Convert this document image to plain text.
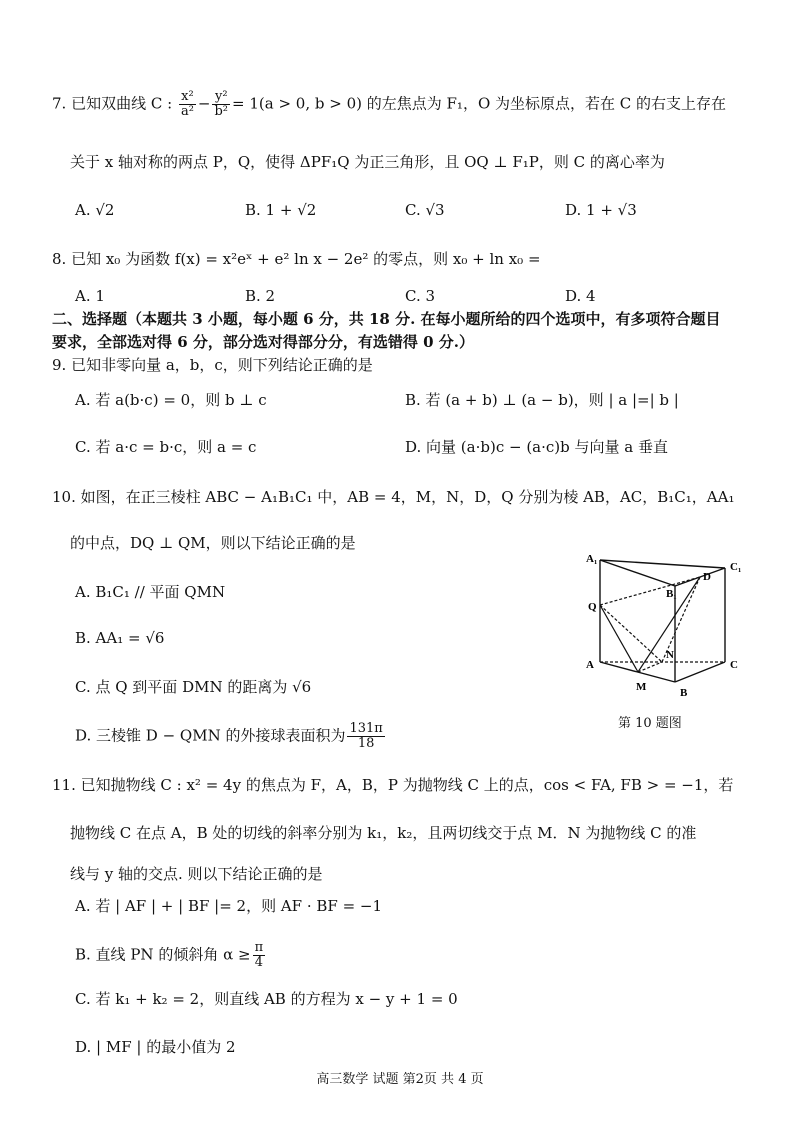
7. 已知双曲线 C : $\frac{\text{x²}}{\text{a²}} - \frac{\text{y²}}{\text{b²}} = 1(a > 0$, b > 0) 的左焦点为 F₁，O 为坐标原点，若在 C 的右支上存在
关于 x 轴对称的两点 P，Q，使得 ΔPF₁Q 为正三角形，且 OQ ⊥ F₁P，则 C 的离心率为
A. √2	B. 1 + √2	C. √3	D. 1 + √3
8. 已知 x₀ 为函数 f(x) = x²eˣ + e² ln x − 2e² 的零点，则 x₀ + ln x₀ =
A. 1	B. 2	C. 3	D. 4
二、选择题（本题共 3 小题，每小题 6 分，共 18 分. 在每小题所给的四个选项中，有多项符合题目
要求，全部选对得 6 分，部分选对得部分分，有选错得 0 分.）
9. 已知非零向量 a，b，c，则下列结论正确的是
A. 若 a(b·c) = 0，则 b ⊥ c	B. 若 (a + b) ⊥ (a − b)，则 | a |=| b |
C. 若 a·c = b·c，则 a = c	D. 向量 (a·b)c − (a·c)b 与向量 a 垂直
10. 如图，在正三棱柱 ABC − A₁B₁C₁ 中，AB = 4，M，N，D，Q 分别为棱 AB，AC，B₁C₁，AA₁
的中点，DQ ⊥ QM，则以下结论正确的是
A. B₁C₁ // 平面 QMN
B. AA₁ = √6
C. 点 Q 到平面 DMN 的距离为 √6
D. 三棱锥 D − QMN 的外接球表面积为 $\frac{131\pi}{18}$
A₁
C₁
D
B₁
Q
N
A	C
M	B
第 10 题图
11. 已知抛物线 C : x² = 4y 的焦点为 F，A，B，P 为抛物线 C 上的点，cos < FA, FB > = −1，若
抛物线 C 在点 A，B 处的切线的斜率分别为 k₁，k₂，且两切线交于点 M．N 为抛物线 C 的准
线与 y 轴的交点. 则以下结论正确的是
A. 若 | AF | + | BF |= 2，则 AF · BF = −1
B. 直线 PN 的倾斜角 $\alpha \ge \frac{\pi}{4}$
C. 若 k₁ + k₂ = 2，则直线 AB 的方程为 x − y + 1 = 0
D. | MF | 的最小值为 2
高三数学 试题 第2页 共 4 页
